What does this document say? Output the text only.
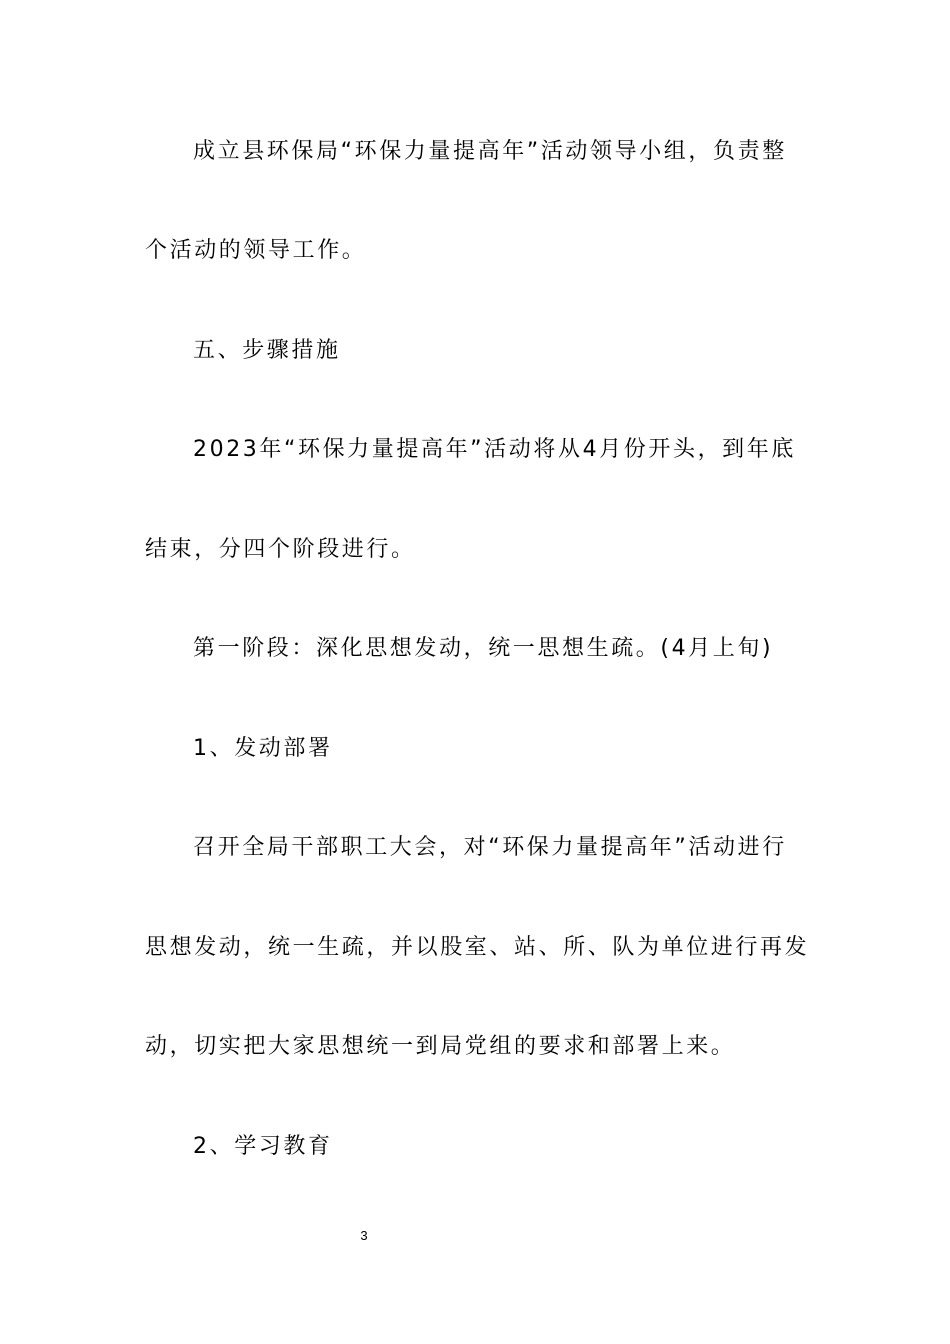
成立县环保局“环保力量提高年”活动领导小组，负责整
个活动的领导工作。
五、步骤措施
2023年“环保力量提高年”活动将从4月份开头，到年底
结束，分四个阶段进行。
第一阶段：深化思想发动，统一思想生疏。(4月上旬)
1、发动部署
召开全局干部职工大会，对“环保力量提高年”活动进行
思想发动，统一生疏，并以股室、站、所、队为单位进行再发
动，切实把大家思想统一到局党组的要求和部署上来。
2、学习教育
3
